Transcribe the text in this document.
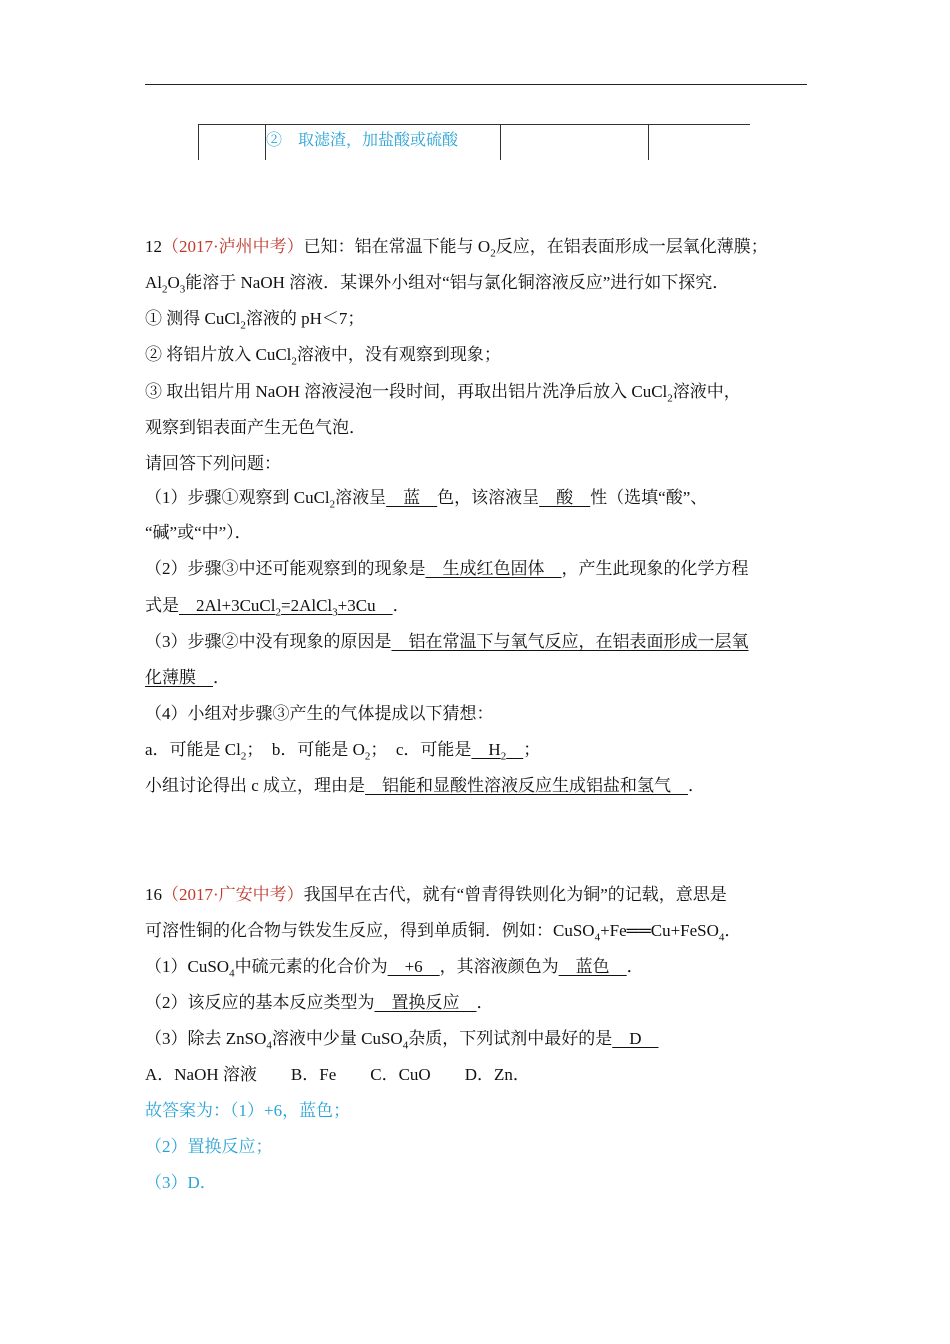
②　取滤渣，加盐酸或硫酸
12（2017·泸州中考）已知：铝在常温下能与 $O_2$反应，在铝表面形成一层氧化薄膜；
$Al_2O_3$能溶于 NaOH 溶液．某课外小组对“铝与氯化铜溶液反应”进行如下探究．
① 测得 CuCl$_2$溶液的 pH＜7；
② 将铝片放入 CuCl$_2$溶液中，没有观察到现象；
③ 取出铝片用 NaOH 溶液浸泡一段时间，再取出铝片洗净后放入 CuCl$_2$溶液中，
观察到铝表面产生无色气泡．
请回答下列问题：
（1）步骤①观察到 CuCl$_2$溶液呈　蓝　色，该溶液呈　酸　性（选填“酸”、
“碱”或“中”）．
（2）步骤③中还可能观察到的现象是　生成红色固体　，产生此现象的化学方程
式是　2Al+3CuCl$_2$=2AlCl$_3$+3Cu　．
（3）步骤②中没有现象的原因是　铝在常温下与氧气反应，在铝表面形成一层氧
化薄膜　．
（4）小组对步骤③产生的气体提成以下猜想：
a．可能是 $Cl_2$；　b．可能是 $O_2$；　c．可能是　$H_2$　 ；
小组讨论得出 c 成立，理由是　铝能和显酸性溶液反应生成铝盐和氢气　．
16（2017·广安中考）我国早在古代，就有“曾青得铁则化为铜”的记载，意思是
可溶性铜的化合物与铁发生反应，得到单质铜．例如：CuSO$_4$+Fe══Cu+FeSO$_4$．
（1）CuSO$_4$中硫元素的化合价为　+6　，其溶液颜色为　蓝色　．
（2）该反应的基本反应类型为　置换反应　．
（3）除去 ZnSO$_4$溶液中少量 CuSO$_4$杂质，下列试剂中最好的是　D　
A．NaOH 溶液　　B．Fe　　C．CuO　　D．Zn．
故答案为：（1）+6，蓝色；
（2）置换反应；
（3）D．
